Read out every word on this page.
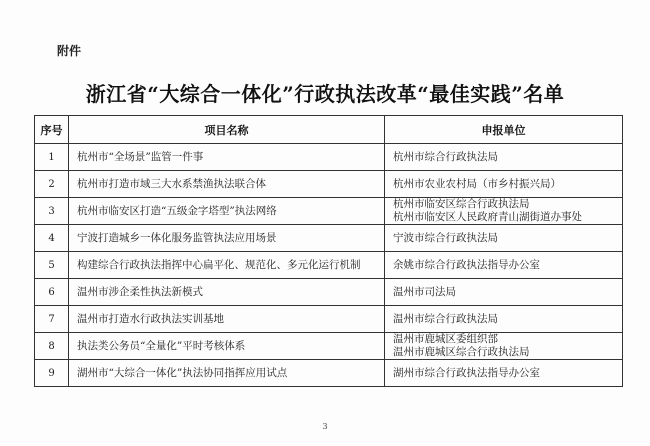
附件
浙江省“大综合一体化”行政执法改革“最佳实践”名单
序号	项目名称	申报单位
1	杭州市“全场景”监管一件事	杭州市综合行政执法局

2	杭州市打造市域三大水系禁渔执法联合体	杭州市农业农村局（市乡村振兴局）

3	杭州市临安区打造“五级金字塔型”执法网络	杭州市临安区综合行政执法局
杭州市临安区人民政府青山湖街道办事处

4	宁波打造城乡一体化服务监管执法应用场景	宁波市综合行政执法局

5	构建综合行政执法指挥中心扁平化、规范化、多元化运行机制	余姚市综合行政执法指导办公室

6	温州市涉企柔性执法新模式	温州市司法局

7	温州市打造水行政执法实训基地	温州市综合行政执法局

8	执法类公务员“全量化”平时考核体系	温州市鹿城区委组织部
温州市鹿城区综合行政执法局

9	湖州市“大综合一体化”执法协同指挥应用试点	湖州市综合行政执法指导办公室
3
